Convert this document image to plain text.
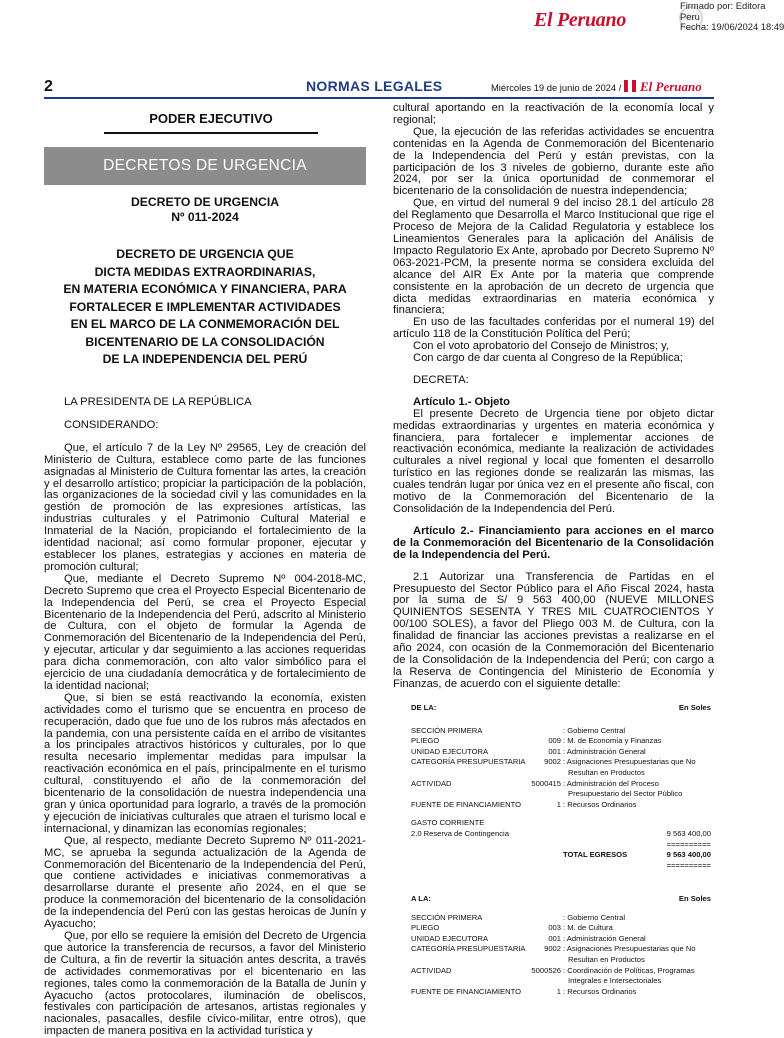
El Peruano
Firmado por: Editora
Peru
Fecha: 19/06/2024 18:49
2	NORMAS LEGALES	Miércoles 19 de junio de 2024 / El Peruano
PODER EJECUTIVO
DECRETOS DE URGENCIA
DECRETO DE URGENCIA
Nº 011-2024
DECRETO DE URGENCIA QUE
DICTA MEDIDAS EXTRAORDINARIAS,
EN MATERIA ECONÓMICA Y FINANCIERA, PARA
FORTALECER E IMPLEMENTAR ACTIVIDADES
EN EL MARCO DE LA CONMEMORACIÓN DEL
BICENTENARIO DE LA CONSOLIDACIÓN
DE LA INDEPENDENCIA DEL PERÚ

LA PRESIDENTA DE LA REPÚBLICA

CONSIDERANDO:

Que, el artículo 7 de la Ley Nº 29565, Ley de creación del Ministerio de Cultura, establece como parte de las funciones asignadas al Ministerio de Cultura fomentar las artes, la creación y el desarrollo artístico; propiciar la participación de la población, las organizaciones de la sociedad civil y las comunidades en la gestión de promoción de las expresiones artísticas, las industrias culturales y el Patrimonio Cultural Material e Inmaterial de la Nación, propiciando el fortalecimiento de la identidad nacional; así como formular proponer, ejecutar y establecer los planes, estrategias y acciones en materia de promoción cultural;

Que, mediante el Decreto Supremo Nº 004-2018-MC, Decreto Supremo que crea el Proyecto Especial Bicentenario de la Independencia del Perú, se crea el Proyecto Especial Bicentenario de la Independencia del Perú, adscrito al Ministerio de Cultura, con el objeto de formular la Agenda de Conmemoración del Bicentenario de la Independencia del Perú, y ejecutar, articular y dar seguimiento a las acciones requeridas para dicha conmemoración, con alto valor simbólico para el ejercicio de una ciudadanía democrática y de fortalecimiento de la identidad nacional;

Que, si bien se está reactivando la economía, existen actividades como el turismo que se encuentra en proceso de recuperación, dado que fue uno de los rubros más afectados en la pandemia, con una persistente caída en el arribo de visitantes a los principales atractivos históricos y culturales, por lo que resulta necesario implementar medidas para impulsar la reactivación económica en el país, principalmente en el turismo cultural, constituyendo el año de la conmemoración del bicentenario de la consolidación de nuestra independencia una gran y única oportunidad para lograrlo, a través de la promoción y ejecución de iniciativas culturales que atraen el turismo local e internacional, y dinamizan las economías regionales;

Que, al respecto, mediante Decreto Supremo Nº 011-2021-MC, se aprueba la segunda actualización de la Agenda de Conmemoración del Bicentenario de la Independencia del Perú, que contiene actividades e iniciativas conmemorativas a desarrollarse durante el presente año 2024, en el que se produce la conmemoración del bicentenario de la consolidación de la independencia del Perú con las gestas heroicas de Junín y Ayacucho;

Que, por ello se requiere la emisión del Decreto de Urgencia que autorice la transferencia de recursos, a favor del Ministerio de Cultura, a fin de revertir la situación antes descrita, a través de actividades conmemorativas por el bicentenario en las regiones, tales como la conmemoración de la Batalla de Junín y Ayacucho (actos protocolares, iluminación de obeliscos, festivales con participación de artesanos, artistas regionales y nacionales, pasacalles, desfile cívico-militar, entre otros), que impacten de manera positiva en la actividad turística y

cultural aportando en la reactivación de la economía local y regional;

Que, la ejecución de las referidas actividades se encuentra contenidas en la Agenda de Conmemoración del Bicentenario de la Independencia del Perú y están previstas, con la participación de los 3 niveles de gobierno, durante este año 2024, por ser la única oportunidad de conmemorar el bicentenario de la consolidación de nuestra independencia;

Que, en virtud del numeral 9 del inciso 28.1 del artículo 28 del Reglamento que Desarrolla el Marco Institucional que rige el Proceso de Mejora de la Calidad Regulatoria y establece los Lineamientos Generales para la aplicación del Análisis de Impacto Regulatorio Ex Ante, aprobado por Decreto Supremo Nº 063-2021-PCM, la presente norma se considera excluida del alcance del AIR Ex Ante por la materia que comprende consistente en la aprobación de un decreto de urgencia que dicta medidas extraordinarias en materia económica y financiera;

En uso de las facultades conferidas por el numeral 19) del artículo 118 de la Constitución Política del Perú;

Con el voto aprobatorio del Consejo de Ministros; y,

Con cargo de dar cuenta al Congreso de la República;

DECRETA:

Artículo 1.- Objeto

El presente Decreto de Urgencia tiene por objeto dictar medidas extraordinarias y urgentes en materia económica y financiera, para fortalecer e implementar acciones de reactivación económica, mediante la realización de actividades culturales a nivel regional y local que fomenten el desarrollo turístico en las regiones donde se realizarán las mismas, las cuales tendrán lugar por única vez en el presente año fiscal, con motivo de la Conmemoración del Bicentenario de la Consolidación de la Independencia del Perú.

Artículo 2.- Financiamiento para acciones en el marco de la Conmemoración del Bicentenario de la Consolidación de la Independencia del Perú.

2.1 Autorizar una Transferencia de Partidas en el Presupuesto del Sector Público para el Año Fiscal 2024, hasta por la suma de S/ 9 563 400,00 (NUEVE MILLONES QUINIENTOS SESENTA Y TRES MIL CUATROCIENTOS Y 00/100 SOLES), a favor del Pliego 003 M. de Cultura, con la finalidad de financiar las acciones previstas a realizarse en el año 2024, con ocasión de la Conmemoración del Bicentenario de la Consolidación de la Independencia del Perú; con cargo a la Reserva de Contingencia del Ministerio de Economía y Finanzas, de acuerdo con el siguiente detalle:

DE LA:	En Soles
SECCIÓN PRIMERA	: Gobierno Central
PLIEGO	009 : M. de Economía y Finanzas
UNIDAD EJECUTORA	001 : Administración General
CATEGORÍA PRESUPUESTARIA	9002 : Asignaciones Presupuestarias que No
Resultan en Productos
ACTIVIDAD	5000415 : Administración del Proceso
Presupuestario del Sector Público
FUENTE DE FINANCIAMIENTO	1 : Recursos Ordinarios
GASTO CORRIENTE
2.0 Reserva de Contingencia	9 563 400,00
==========
TOTAL EGRESOS	9 563 400,00
==========
A LA:	En Soles
SECCIÓN PRIMERA	: Gobierno Central
PLIEGO	003 : M. de Cultura
UNIDAD EJECUTORA	001 : Administración General
CATEGORÍA PRESUPUESTARIA	9002 : Asignaciones Presupuestarias que No
Resultan en Productos
ACTIVIDAD	5000526 : Coordinación de Políticas, Programas
Integrales e Intersectoriales
FUENTE DE FINANCIAMIENTO	1 : Recursos Ordinarios
